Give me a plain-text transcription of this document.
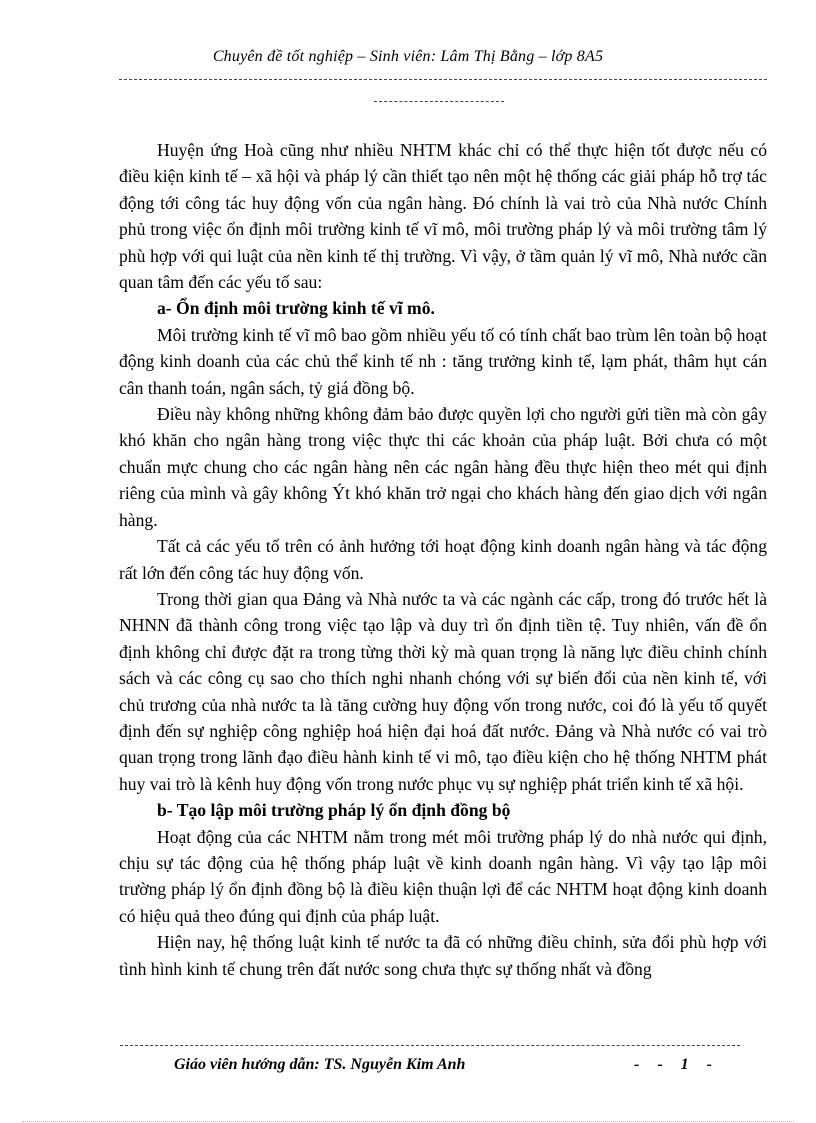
Chuyên đề tốt nghiệp – Sinh viên: Lâm Thị Bằng – lớp 8A5

Huyện ứng Hoà cũng như nhiều NHTM khác chỉ có thể thực hiện tốt được nếu có điều kiện kinh tế – xã hội và pháp lý cần thiết tạo nên một hệ thống các giải pháp hỗ trợ tác động tới công tác huy động vốn của ngân hàng. Đó chính là vai trò của Nhà nước Chính phủ trong việc ổn định môi trường kinh tế vĩ mô, môi trường pháp lý và môi trường tâm lý phù hợp với qui luật của nền kinh tế thị trường. Vì vậy, ở tầm quản lý vĩ mô, Nhà nước cần quan tâm đến các yếu tố sau:

a- Ổn định môi trường kinh tế vĩ mô.

Môi trường kinh tế vĩ mô bao gồm nhiều yếu tố có tính chất bao trùm lên toàn bộ hoạt động kinh doanh của các chủ thể kinh tế nh : tăng trưởng kinh tế, lạm phát, thâm hụt cán cân thanh toán, ngân sách, tỷ giá đồng bộ.

Điều này không những không đảm bảo được quyền lợi cho người gửi tiền mà còn gây khó khăn cho ngân hàng trong việc thực thi các khoản của pháp luật. Bởi chưa có một chuẩn mực chung cho các ngân hàng nên các ngân hàng đều thực hiện theo mét qui định riêng của mình và gây không Ýt khó khăn trở ngại cho khách hàng đến giao dịch với ngân hàng.

Tất cả các yếu tố trên có ảnh hưởng tới hoạt động kinh doanh ngân hàng và tác động rất lớn đến công tác huy động vốn.

Trong thời gian qua Đảng và Nhà nước ta và các ngành các cấp, trong đó trước hết là NHNN đã thành công trong việc tạo lập và duy trì ổn định tiền tệ. Tuy nhiên, vấn đề ổn định không chỉ được đặt ra trong từng thời kỳ mà quan trọng là năng lực điều chỉnh chính sách và các công cụ sao cho thích nghi nhanh chóng với sự biến đổi của nền kinh tế, với chủ trương của nhà nước ta là tăng cường huy động vốn trong nước, coi đó là yếu tố quyết định đến sự nghiệp công nghiệp hoá hiện đại hoá đất nước. Đảng và Nhà nước có vai trò quan trọng trong lãnh đạo điều hành kinh tế vi mô, tạo điều kiện cho hệ thống NHTM phát huy vai trò là kênh huy động vốn trong nước phục vụ sự nghiệp phát triển kinh tế xã hội.

b- Tạo lập môi trường pháp lý ổn định đồng bộ

Hoạt động của các NHTM nằm trong mét môi trường pháp lý do nhà nước qui định, chịu sự tác động của hệ thống pháp luật về kinh doanh ngân hàng. Vì vậy tạo lập môi trường pháp lý ổn định đồng bộ là điều kiện thuận lợi để các NHTM hoạt động kinh doanh có hiệu quả theo đúng qui định của pháp luật.

Hiện nay, hệ thống luật kinh tế nước ta đã có những điều chỉnh, sửa đổi phù hợp với tình hình kinh tế chung trên đất nước song chưa thực sự thống nhất và đồng

Giáo viên hướng dẫn: TS. Nguyễn Kim Anh	- - 1 -
